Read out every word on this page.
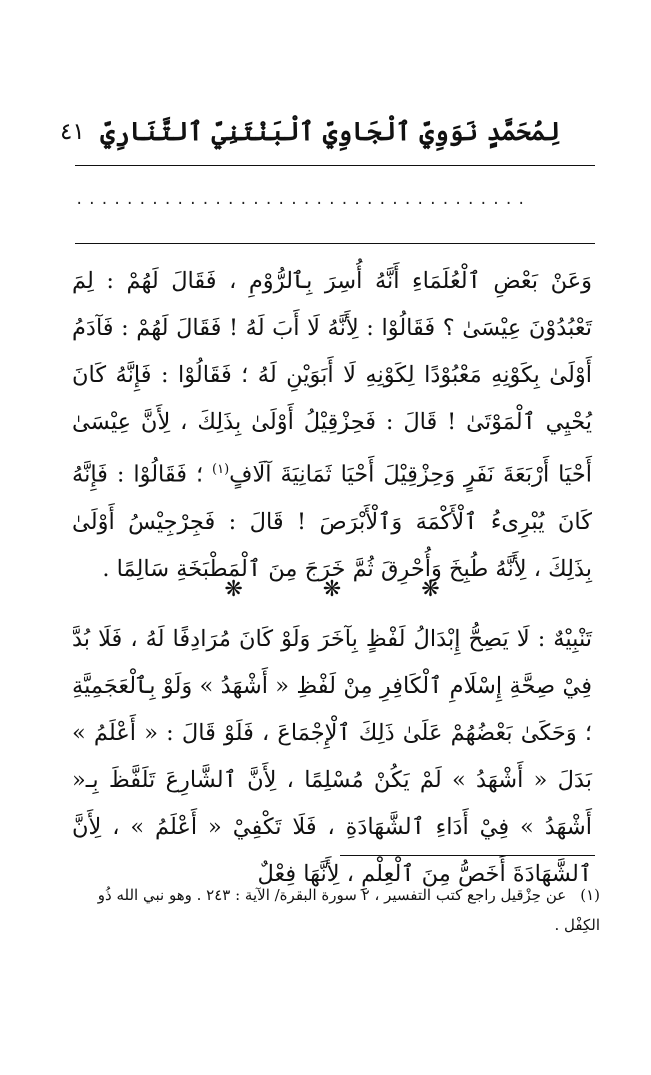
لِمُحَمَّدٍ نَوَوِيّ ٱلْجَاوِيّ ٱلْبَنْتَنِيّ ٱلتَّنَارِيّ
٤١
....................................
وَعَنْ بَعْضِ ٱلْعُلَمَاءِ أَنَّهُ أُسِرَ بِٱلرُّوْمِ ، فَقَالَ لَهُمْ : لِمَ تَعْبُدُوْنَ عِيْسَىٰ ؟ فَقَالُوْا : لِأَنَّهُ لَا أَبَ لَهُ ! فَقَالَ لَهُمْ : فَآدَمُ أَوْلَىٰ بِكَوْنِهِ مَعْبُوْدًا لِكَوْنِهِ لَا أَبَوَيْنِ لَهُ ؛ فَقَالُوْا : فَإِنَّهُ كَانَ يُحْيِي ٱلْمَوْتَىٰ ! قَالَ : فَحِزْقِيْلُ أَوْلَىٰ بِذَلِكَ ، لِأَنَّ عِيْسَىٰ أَحْيَا أَرْبَعَةَ نَفَرٍ وَحِزْقِيْلَ أَحْيَا ثَمَانِيَةَ آلَافٍ$^{(١)}$ ؛ فَقَالُوْا : فَإِنَّهُ كَانَ يُبْرِىءُ ٱلْأَكْمَهَ وَٱلْأَبْرَصَ ! قَالَ : فَجِرْجِيْسُ أَوْلَىٰ بِذَلِكَ ، لِأَنَّهُ طُبِخَ وَأُحْرِقَ ثُمَّ خَرَجَ مِنَ ٱلْمَطْبَخَةِ سَالِمًا .
❋	❋	❋
تَنْبِيْهٌ : لَا يَصِحُّ إِبْدَالُ لَفْظٍ بِآخَرَ وَلَوْ كَانَ مُرَادِفًا لَهُ ، فَلَا بُدَّ فِيْ صِحَّةِ إِسْلَامِ ٱلْكَافِرِ مِنْ لَفْظِ « أَشْهَدُ » وَلَوْ بِٱلْعَجَمِيَّةِ ؛ وَحَكَىٰ بَعْضُهُمْ عَلَىٰ ذَلِكَ ٱلْإِجْمَاعَ ، فَلَوْ قَالَ : « أَعْلَمُ » بَدَلَ « أَشْهَدُ » لَمْ يَكُنْ مُسْلِمًا ، لِأَنَّ ٱلشَّارِعَ تَلَفَّظَ بِـ« أَشْهَدُ » فِيْ أَدَاءِ ٱلشَّهَادَةِ ، فَلَا تَكْفِيْ « أَعْلَمُ » ، لِأَنَّ ٱلشَّهَادَةَ أَخَصُّ مِنَ ٱلْعِلْمِ ، لِأَنَّهَا فِعْلٌ
(١)عن حِزْقيل راجع كتب التفسير ، ٢ سورة البقرة/ الآية : ٢٤٣ . وهو نبي الله ذُو الكِفْل .
